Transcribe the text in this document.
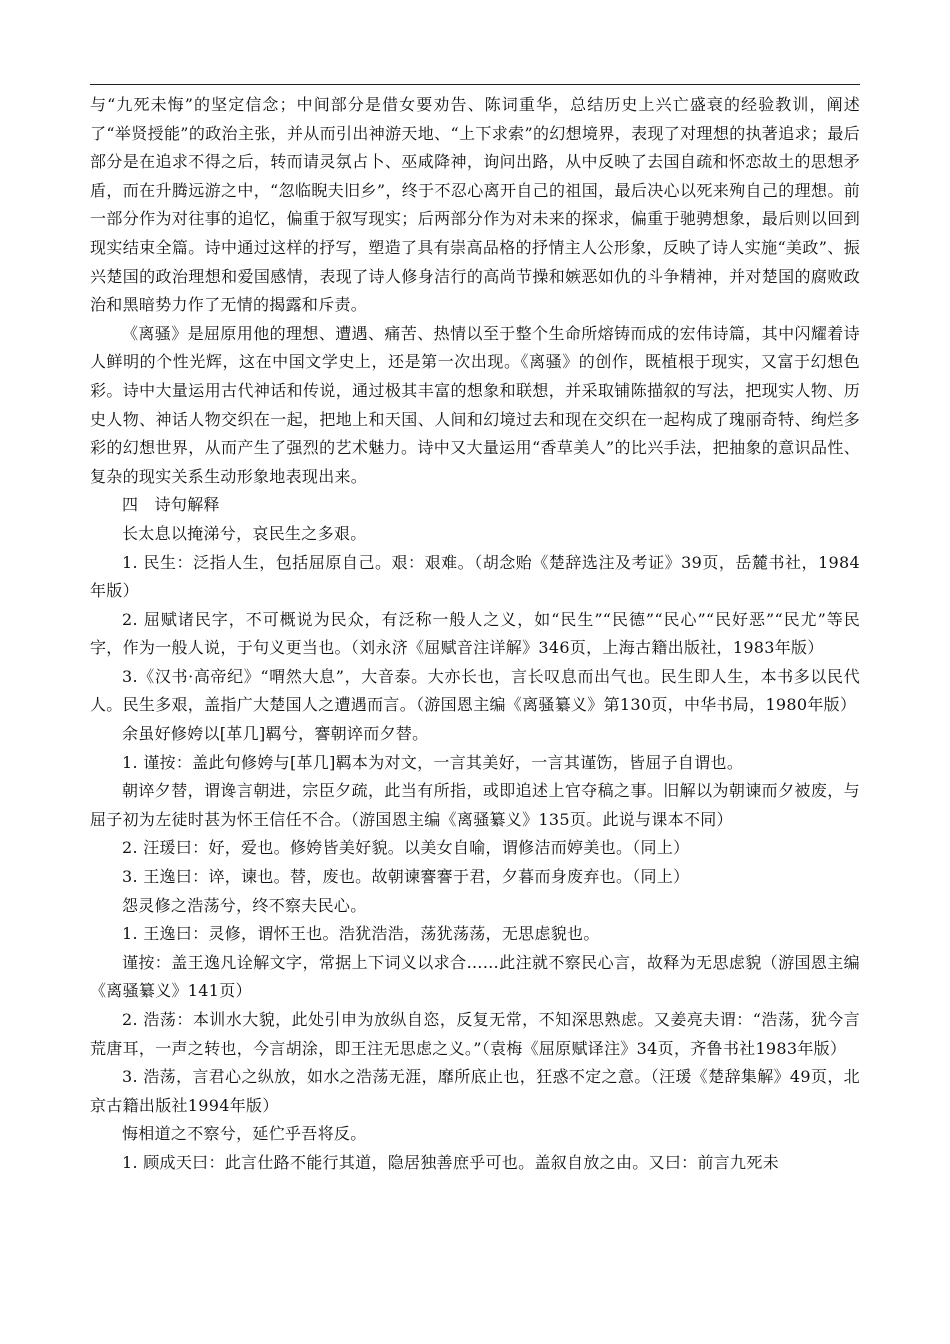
与“九死未悔”的坚定信念；中间部分是借女要劝告、陈词重华，总结历史上兴亡盛衰的经验教训，阐述了“举贤授能”的政治主张，并从而引出神游天地、“上下求索”的幻想境界，表现了对理想的执著追求；最后部分是在追求不得之后，转而请灵氛占卜、巫咸降神，询问出路，从中反映了去国自疏和怀恋故土的思想矛盾，而在升腾远游之中，“忽临睨夫旧乡”，终于不忍心离开自己的祖国，最后决心以死来殉自己的理想。前一部分作为对往事的追忆，偏重于叙写现实；后两部分作为对未来的探求，偏重于驰骋想象，最后则以回到现实结束全篇。诗中通过这样的抒写，塑造了具有崇高品格的抒情主人公形象，反映了诗人实施“美政”、振兴楚国的政治理想和爱国感情，表现了诗人修身洁行的高尚节操和嫉恶如仇的斗争精神，并对楚国的腐败政治和黑暗势力作了无情的揭露和斥责。

《离骚》是屈原用他的理想、遭遇、痛苦、热情以至于整个生命所熔铸而成的宏伟诗篇，其中闪耀着诗人鲜明的个性光辉，这在中国文学史上，还是第一次出现。《离骚》的创作，既植根于现实，又富于幻想色彩。诗中大量运用古代神话和传说，通过极其丰富的想象和联想，并采取铺陈描叙的写法，把现实人物、历史人物、神话人物交织在一起，把地上和天国、人间和幻境过去和现在交织在一起构成了瑰丽奇特、绚烂多彩的幻想世界，从而产生了强烈的艺术魅力。诗中又大量运用“香草美人”的比兴手法，把抽象的意识品性、复杂的现实关系生动形象地表现出来。

四　诗句解释

长太息以掩涕兮，哀民生之多艰。

1. 民生：泛指人生，包括屈原自己。艰：艰难。（胡念贻《楚辞选注及考证》39页，岳麓书社，1984年版）

2. 屈赋诸民字，不可概说为民众，有泛称一般人之义，如“民生”“民德”“民心”“民好恶”“民尤”等民字，作为一般人说，于句义更当也。（刘永济《屈赋音注详解》346页，上海古籍出版社，1983年版）

3.《汉书·高帝纪》“喟然大息”，大音泰。大亦长也，言长叹息而出气也。民生即人生，本书多以民代人。民生多艰，盖指广大楚国人之遭遇而言。（游国恩主编《离骚纂义》第130页，中华书局，1980年版）

余虽好修姱以[革几]羁兮，謇朝谇而夕替。

1. 谨按：盖此句修姱与[革几]羁本为对文，一言其美好，一言其谨饬，皆屈子自谓也。

朝谇夕替，谓谗言朝进，宗臣夕疏，此当有所指，或即追述上官夺稿之事。旧解以为朝谏而夕被废，与屈子初为左徒时甚为怀王信任不合。（游国恩主编《离骚纂义》135页。此说与课本不同）

2. 汪瑗曰：好，爱也。修姱皆美好貌。以美女自喻，谓修洁而婷美也。（同上）

3. 王逸曰：谇，谏也。替，废也。故朝谏謇謇于君，夕暮而身废弃也。（同上）

怨灵修之浩荡兮，终不察夫民心。

1. 王逸曰：灵修，谓怀王也。浩犹浩浩，荡犹荡荡，无思虑貌也。

谨按：盖王逸凡诠解文字，常据上下词义以求合……此注就不察民心言，故释为无思虑貌（游国恩主编《离骚纂义》141页）

2. 浩荡：本训水大貌，此处引申为放纵自恣，反复无常，不知深思熟虑。又姜亮夫谓：“浩荡，犹今言荒唐耳，一声之转也，今言胡涂，即王注无思虑之义。”（袁梅《屈原赋译注》34页，齐鲁书社1983年版）

3. 浩荡，言君心之纵放，如水之浩荡无涯，靡所底止也，狂惑不定之意。（汪瑗《楚辞集解》49页，北京古籍出版社1994年版）

悔相道之不察兮，延伫乎吾将反。

1. 顾成天曰：此言仕路不能行其道，隐居独善庶乎可也。盖叙自放之由。又曰：前言九死未
